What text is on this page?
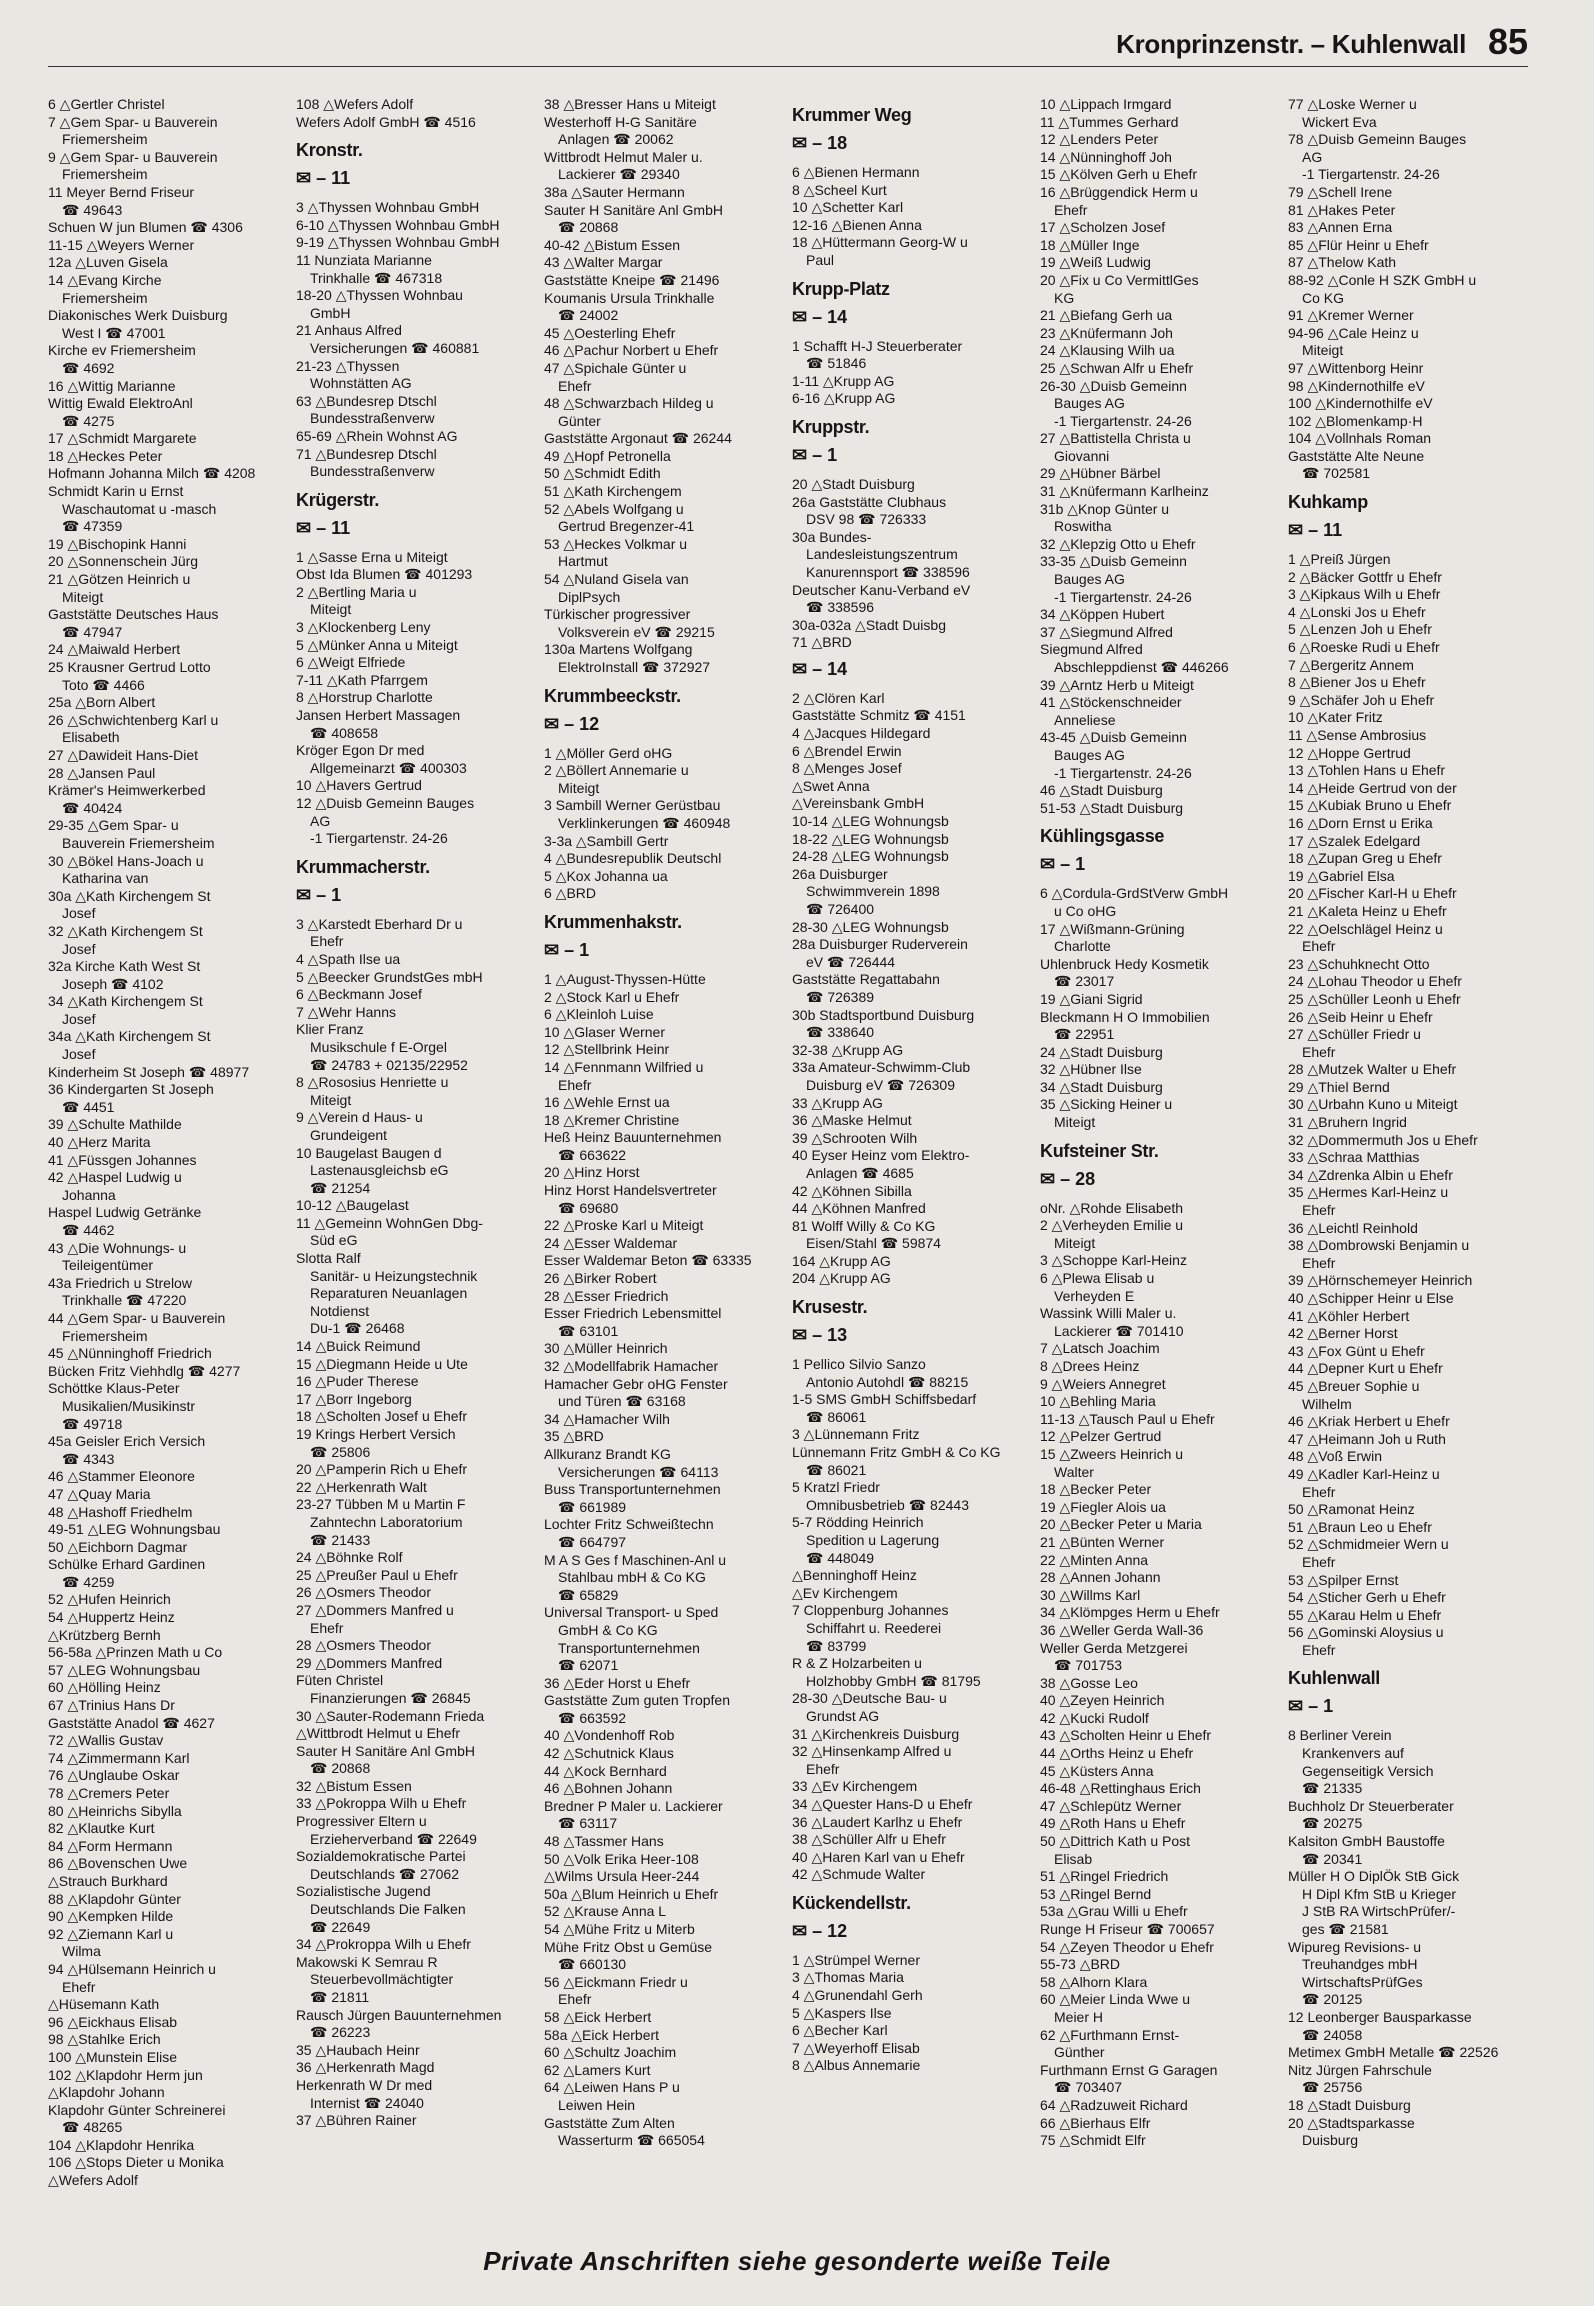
Kronprinzenstr. – Kuhlenwall 85
6 △Gertler Christel
7 △Gem Spar- u Bauverein
Friemersheim
9 △Gem Spar- u Bauverein
Friemersheim
11 Meyer Bernd Friseur
☎ 49643
Schuen W jun Blumen ☎ 4306
11-15 △Weyers Werner
12a △Luven Gisela
14 △Evang Kirche
Friemersheim
Diakonisches Werk Duisburg
West I ☎ 47001
Kirche ev Friemersheim
☎ 4692
16 △Wittig Marianne
Wittig Ewald ElektroAnl
☎ 4275
17 △Schmidt Margarete
18 △Heckes Peter
Hofmann Johanna Milch ☎ 4208
Schmidt Karin u Ernst
Waschautomat u -masch
☎ 47359
19 △Bischopink Hanni
20 △Sonnenschein Jürg
21 △Götzen Heinrich u
Miteigt
Gaststätte Deutsches Haus
☎ 47947
24 △Maiwald Herbert
25 Krausner Gertrud Lotto
Toto ☎ 4466
25a △Born Albert
26 △Schwichtenberg Karl u
Elisabeth
27 △Dawideit Hans-Diet
28 △Jansen Paul
Krämer's Heimwerkerbed
☎ 40424
29-35 △Gem Spar- u
Bauverein Friemersheim
30 △Bökel Hans-Joach u
Katharina van
30a △Kath Kirchengem St
Josef
32 △Kath Kirchengem St
Josef
32a Kirche Kath West St
Joseph ☎ 4102
34 △Kath Kirchengem St
Josef
34a △Kath Kirchengem St
Josef
Kinderheim St Joseph ☎ 48977
36 Kindergarten St Joseph
☎ 4451
39 △Schulte Mathilde
40 △Herz Marita
41 △Füssgen Johannes
42 △Haspel Ludwig u
Johanna
Haspel Ludwig Getränke
☎ 4462
43 △Die Wohnungs- u
Teileigentümer
43a Friedrich u Strelow
Trinkhalle ☎ 47220
44 △Gem Spar- u Bauverein
Friemersheim
45 △Nünninghoff Friedrich
Bücken Fritz Viehhdlg ☎ 4277
Schöttke Klaus-Peter
Musikalien/Musikinstr
☎ 49718
45a Geisler Erich Versich
☎ 4343
46 △Stammer Eleonore
47 △Quay Maria
48 △Hashoff Friedhelm
49-51 △LEG Wohnungsbau
50 △Eichborn Dagmar
Schülke Erhard Gardinen
☎ 4259
52 △Hufen Heinrich
54 △Huppertz Heinz
△Krützberg Bernh
56-58a △Prinzen Math u Co
57 △LEG Wohnungsbau
60 △Hölling Heinz
67 △Trinius Hans Dr
Gaststätte Anadol ☎ 4627
72 △Wallis Gustav
74 △Zimmermann Karl
76 △Unglaube Oskar
78 △Cremers Peter
80 △Heinrichs Sibylla
82 △Klautke Kurt
84 △Form Hermann
86 △Bovenschen Uwe
△Strauch Burkhard
88 △Klapdohr Günter
90 △Kempken Hilde
92 △Ziemann Karl u
Wilma
94 △Hülsemann Heinrich u
Ehefr
△Hüsemann Kath
96 △Eickhaus Elisab
98 △Stahlke Erich
100 △Munstein Elise
102 △Klapdohr Herm jun
△Klapdohr Johann
Klapdohr Günter Schreinerei
☎ 48265
104 △Klapdohr Henrika
106 △Stops Dieter u Monika
△Wefers Adolf
108 △Wefers Adolf
Wefers Adolf GmbH ☎ 4516
Kronstr.
✉ – 11
3 △Thyssen Wohnbau GmbH
6-10 △Thyssen Wohnbau GmbH
9-19 △Thyssen Wohnbau GmbH
11 Nunziata Marianne
Trinkhalle ☎ 467318
18-20 △Thyssen Wohnbau
GmbH
21 Anhaus Alfred
Versicherungen ☎ 460881
21-23 △Thyssen
Wohnstätten AG
63 △Bundesrep Dtschl
Bundesstraßenverw
65-69 △Rhein Wohnst AG
71 △Bundesrep Dtschl
Bundesstraßenverw
Krügerstr.
✉ – 11
1 △Sasse Erna u Miteigt
Obst Ida Blumen ☎ 401293
2 △Bertling Maria u
Miteigt
3 △Klockenberg Leny
5 △Münker Anna u Miteigt
6 △Weigt Elfriede
7-11 △Kath Pfarrgem
8 △Horstrup Charlotte
Jansen Herbert Massagen
☎ 408658
Kröger Egon Dr med
Allgemeinarzt ☎ 400303
10 △Havers Gertrud
12 △Duisb Gemeinn Bauges
AG
-1 Tiergartenstr. 24-26
Krummacherstr.
✉ – 1
3 △Karstedt Eberhard Dr u
Ehefr
4 △Spath Ilse ua
5 △Beecker GrundstGes mbH
6 △Beckmann Josef
7 △Wehr Hanns
Klier Franz
Musikschule f E-Orgel
☎ 24783 + 02135/22952
8 △Rososius Henriette u
Miteigt
9 △Verein d Haus- u
Grundeigent
10 Baugelast Baugen d
Lastenausgleichsb eG
☎ 21254
10-12 △Baugelast
11 △Gemeinn WohnGen Dbg-
Süd eG
Slotta Ralf
Sanitär- u Heizungstechnik
Reparaturen Neuanlagen
Notdienst
Du-1 ☎ 26468
14 △Buick Reimund
15 △Diegmann Heide u Ute
16 △Puder Therese
17 △Borr Ingeborg
18 △Scholten Josef u Ehefr
19 Krings Herbert Versich
☎ 25806
20 △Pamperin Rich u Ehefr
22 △Herkenrath Walt
23-27 Tübben M u Martin F
Zahntechn Laboratorium
☎ 21433
24 △Böhnke Rolf
25 △Preußer Paul u Ehefr
26 △Osmers Theodor
27 △Dommers Manfred u
Ehefr
28 △Osmers Theodor
29 △Dommers Manfred
Füten Christel
Finanzierungen ☎ 26845
30 △Sauter-Rodemann Frieda
△Wittbrodt Helmut u Ehefr
Sauter H Sanitäre Anl GmbH
☎ 20868
32 △Bistum Essen
33 △Pokroppa Wilh u Ehefr
Progressiver Eltern u
Erzieherverband ☎ 22649
Sozialdemokratische Partei
Deutschlands ☎ 27062
Sozialistische Jugend
Deutschlands Die Falken
☎ 22649
34 △Prokroppa Wilh u Ehefr
Makowski K Semrau R
Steuerbevollmächtigter
☎ 21811
Rausch Jürgen Bauunternehmen
☎ 26223
35 △Haubach Heinr
36 △Herkenrath Magd
Herkenrath W Dr med
Internist ☎ 24040
37 △Bühren Rainer
38 △Bresser Hans u Miteigt
Westerhoff H-G Sanitäre
Anlagen ☎ 20062
Wittbrodt Helmut Maler u.
Lackierer ☎ 29340
38a △Sauter Hermann
Sauter H Sanitäre Anl GmbH
☎ 20868
40-42 △Bistum Essen
43 △Walter Margar
Gaststätte Kneipe ☎ 21496
Koumanis Ursula Trinkhalle
☎ 24002
45 △Oesterling Ehefr
46 △Pachur Norbert u Ehefr
47 △Spichale Günter u
Ehefr
48 △Schwarzbach Hildeg u
Günter
Gaststätte Argonaut ☎ 26244
49 △Hopf Petronella
50 △Schmidt Edith
51 △Kath Kirchengem
52 △Abels Wolfgang u
Gertrud Bregenzer-41
53 △Heckes Volkmar u
Hartmut
54 △Nuland Gisela van
DiplPsych
Türkischer progressiver
Volksverein eV ☎ 29215
130a Martens Wolfgang
ElektroInstall ☎ 372927
Krummbeeckstr.
✉ – 12
1 △Möller Gerd oHG
2 △Böllert Annemarie u
Miteigt
3 Sambill Werner Gerüstbau
Verklinkerungen ☎ 460948
3-3a △Sambill Gertr
4 △Bundesrepublik Deutschl
5 △Kox Johanna ua
6 △BRD
Krummenhakstr.
✉ – 1
1 △August-Thyssen-Hütte
2 △Stock Karl u Ehefr
6 △Kleinloh Luise
10 △Glaser Werner
12 △Stellbrink Heinr
14 △Fennmann Wilfried u
Ehefr
16 △Wehle Ernst ua
18 △Kremer Christine
Heß Heinz Bauunternehmen
☎ 663622
20 △Hinz Horst
Hinz Horst Handelsvertreter
☎ 69680
22 △Proske Karl u Miteigt
24 △Esser Waldemar
Esser Waldemar Beton ☎ 63335
26 △Birker Robert
28 △Esser Friedrich
Esser Friedrich Lebensmittel
☎ 63101
30 △Müller Heinrich
32 △Modellfabrik Hamacher
Hamacher Gebr oHG Fenster
und Türen ☎ 63168
34 △Hamacher Wilh
35 △BRD
Allkuranz Brandt KG
Versicherungen ☎ 64113
Buss Transportunternehmen
☎ 661989
Lochter Fritz Schweißtechn
☎ 664797
M A S Ges f Maschinen-Anl u
Stahlbau mbH & Co KG
☎ 65829
Universal Transport- u Sped
GmbH & Co KG
Transportunternehmen
☎ 62071
36 △Eder Horst u Ehefr
Gaststätte Zum guten Tropfen
☎ 663592
40 △Vondenhoff Rob
42 △Schutnick Klaus
44 △Kock Bernhard
46 △Bohnen Johann
Bredner P Maler u. Lackierer
☎ 63117
48 △Tassmer Hans
50 △Volk Erika Heer-108
△Wilms Ursula Heer-244
50a △Blum Heinrich u Ehefr
52 △Krause Anna L
54 △Mühe Fritz u Miterb
Mühe Fritz Obst u Gemüse
☎ 660130
56 △Eickmann Friedr u
Ehefr
58 △Eick Herbert
58a △Eick Herbert
60 △Schultz Joachim
62 △Lamers Kurt
64 △Leiwen Hans P u
Leiwen Hein
Gaststätte Zum Alten
Wasserturm ☎ 665054
Krummer Weg
✉ – 18
6 △Bienen Hermann
8 △Scheel Kurt
10 △Schetter Karl
12-16 △Bienen Anna
18 △Hüttermann Georg-W u
Paul
Krupp-Platz
✉ – 14
1 Schafft H-J Steuerberater
☎ 51846
1-11 △Krupp AG
6-16 △Krupp AG
Kruppstr.
✉ – 1
20 △Stadt Duisburg
26a Gaststätte Clubhaus
DSV 98 ☎ 726333
30a Bundes-
Landesleistungszentrum
Kanurennsport ☎ 338596
Deutscher Kanu-Verband eV
☎ 338596
30a-032a △Stadt Duisbg
71 △BRD
✉ – 14
2 △Clören Karl
Gaststätte Schmitz ☎ 4151
4 △Jacques Hildegard
6 △Brendel Erwin
8 △Menges Josef
△Swet Anna
△Vereinsbank GmbH
10-14 △LEG Wohnungsb
18-22 △LEG Wohnungsb
24-28 △LEG Wohnungsb
26a Duisburger
Schwimmverein 1898
☎ 726400
28-30 △LEG Wohnungsb
28a Duisburger Ruderverein
eV ☎ 726444
Gaststätte Regattabahn
☎ 726389
30b Stadtsportbund Duisburg
☎ 338640
32-38 △Krupp AG
33a Amateur-Schwimm-Club
Duisburg eV ☎ 726309
33 △Krupp AG
36 △Maske Helmut
39 △Schrooten Wilh
40 Eyser Heinz vom Elektro-
Anlagen ☎ 4685
42 △Köhnen Sibilla
44 △Köhnen Manfred
81 Wolff Willy & Co KG
Eisen/Stahl ☎ 59874
164 △Krupp AG
204 △Krupp AG
Krusestr.
✉ – 13
1 Pellico Silvio Sanzo
Antonio Autohdl ☎ 88215
1-5 SMS GmbH Schiffsbedarf
☎ 86061
3 △Lünnemann Fritz
Lünnemann Fritz GmbH & Co KG
☎ 86021
5 Kratzl Friedr
Omnibusbetrieb ☎ 82443
5-7 Rödding Heinrich
Spedition u Lagerung
☎ 448049
△Benninghoff Heinz
△Ev Kirchengem
7 Cloppenburg Johannes
Schiffahrt u. Reederei
☎ 83799
R & Z Holzarbeiten u
Holzhobby GmbH ☎ 81795
28-30 △Deutsche Bau- u
Grundst AG
31 △Kirchenkreis Duisburg
32 △Hinsenkamp Alfred u
Ehefr
33 △Ev Kirchengem
34 △Quester Hans-D u Ehefr
36 △Laudert Karlhz u Ehefr
38 △Schüller Alfr u Ehefr
40 △Haren Karl van u Ehefr
42 △Schmude Walter
Kückendellstr.
✉ – 12
1 △Strümpel Werner
3 △Thomas Maria
4 △Grunendahl Gerh
5 △Kaspers Ilse
6 △Becher Karl
7 △Weyerhoff Elisab
8 △Albus Annemarie
10 △Lippach Irmgard
11 △Tummes Gerhard
12 △Lenders Peter
14 △Nünninghoff Joh
15 △Kölven Gerh u Ehefr
16 △Brüggendick Herm u
Ehefr
17 △Scholzen Josef
18 △Müller Inge
19 △Weiß Ludwig
20 △Fix u Co VermittlGes
KG
21 △Biefang Gerh ua
23 △Knüfermann Joh
24 △Klausing Wilh ua
25 △Schwan Alfr u Ehefr
26-30 △Duisb Gemeinn
Bauges AG
-1 Tiergartenstr. 24-26
27 △Battistella Christa u
Giovanni
29 △Hübner Bärbel
31 △Knüfermann Karlheinz
31b △Knop Günter u
Roswitha
32 △Klepzig Otto u Ehefr
33-35 △Duisb Gemeinn
Bauges AG
-1 Tiergartenstr. 24-26
34 △Köppen Hubert
37 △Siegmund Alfred
Siegmund Alfred
Abschleppdienst ☎ 446266
39 △Arntz Herb u Miteigt
41 △Stöckenschneider
Anneliese
43-45 △Duisb Gemeinn
Bauges AG
-1 Tiergartenstr. 24-26
46 △Stadt Duisburg
51-53 △Stadt Duisburg
Kühlingsgasse
✉ – 1
6 △Cordula-GrdStVerw GmbH
u Co oHG
17 △Wißmann-Grüning
Charlotte
Uhlenbruck Hedy Kosmetik
☎ 23017
19 △Giani Sigrid
Bleckmann H O Immobilien
☎ 22951
24 △Stadt Duisburg
32 △Hübner Ilse
34 △Stadt Duisburg
35 △Sicking Heiner u
Miteigt
Kufsteiner Str.
✉ – 28
oNr. △Rohde Elisabeth
2 △Verheyden Emilie u
Miteigt
3 △Schoppe Karl-Heinz
6 △Plewa Elisab u
Verheyden E
Wassink Willi Maler u.
Lackierer ☎ 701410
7 △Latsch Joachim
8 △Drees Heinz
9 △Weiers Annegret
10 △Behling Maria
11-13 △Tausch Paul u Ehefr
12 △Pelzer Gertrud
15 △Zweers Heinrich u
Walter
18 △Becker Peter
19 △Fiegler Alois ua
20 △Becker Peter u Maria
21 △Bünten Werner
22 △Minten Anna
28 △Annen Johann
30 △Willms Karl
34 △Klömpges Herm u Ehefr
36 △Weller Gerda Wall-36
Weller Gerda Metzgerei
☎ 701753
38 △Gosse Leo
40 △Zeyen Heinrich
42 △Kucki Rudolf
43 △Scholten Heinr u Ehefr
44 △Orths Heinz u Ehefr
45 △Küsters Anna
46-48 △Rettinghaus Erich
47 △Schlepütz Werner
49 △Roth Hans u Ehefr
50 △Dittrich Kath u Post
Elisab
51 △Ringel Friedrich
53 △Ringel Bernd
53a △Grau Willi u Ehefr
Runge H Friseur ☎ 700657
54 △Zeyen Theodor u Ehefr
55-73 △BRD
58 △Alhorn Klara
60 △Meier Linda Wwe u
Meier H
62 △Furthmann Ernst-
Günther
Furthmann Ernst G Garagen
☎ 703407
64 △Radzuweit Richard
66 △Bierhaus Elfr
75 △Schmidt Elfr
77 △Loske Werner u
Wickert Eva
78 △Duisb Gemeinn Bauges
AG
-1 Tiergartenstr. 24-26
79 △Schell Irene
81 △Hakes Peter
83 △Annen Erna
85 △Flür Heinr u Ehefr
87 △Thelow Kath
88-92 △Conle H SZK GmbH u
Co KG
91 △Kremer Werner
94-96 △Cale Heinz u
Miteigt
97 △Wittenborg Heinr
98 △Kindernothilfe eV
100 △Kindernothilfe eV
102 △Blomenkamp·H
104 △Vollnhals Roman
Gaststätte Alte Neune
☎ 702581
Kuhkamp
✉ – 11
1 △Preiß Jürgen
2 △Bäcker Gottfr u Ehefr
3 △Kipkaus Wilh u Ehefr
4 △Lonski Jos u Ehefr
5 △Lenzen Joh u Ehefr
6 △Roeske Rudi u Ehefr
7 △Bergeritz Annem
8 △Biener Jos u Ehefr
9 △Schäfer Joh u Ehefr
10 △Kater Fritz
11 △Sense Ambrosius
12 △Hoppe Gertrud
13 △Tohlen Hans u Ehefr
14 △Heide Gertrud von der
15 △Kubiak Bruno u Ehefr
16 △Dorn Ernst u Erika
17 △Szalek Edelgard
18 △Zupan Greg u Ehefr
19 △Gabriel Elsa
20 △Fischer Karl-H u Ehefr
21 △Kaleta Heinz u Ehefr
22 △Oelschlägel Heinz u
Ehefr
23 △Schuhknecht Otto
24 △Lohau Theodor u Ehefr
25 △Schüller Leonh u Ehefr
26 △Seib Heinr u Ehefr
27 △Schüller Friedr u
Ehefr
28 △Mutzek Walter u Ehefr
29 △Thiel Bernd
30 △Urbahn Kuno u Miteigt
31 △Bruhern Ingrid
32 △Dommermuth Jos u Ehefr
33 △Schraa Matthias
34 △Zdrenka Albin u Ehefr
35 △Hermes Karl-Heinz u
Ehefr
36 △Leichtl Reinhold
38 △Dombrowski Benjamin u
Ehefr
39 △Hörnschemeyer Heinrich
40 △Schipper Heinr u Else
41 △Köhler Herbert
42 △Berner Horst
43 △Fox Günt u Ehefr
44 △Depner Kurt u Ehefr
45 △Breuer Sophie u
Wilhelm
46 △Kriak Herbert u Ehefr
47 △Heimann Joh u Ruth
48 △Voß Erwin
49 △Kadler Karl-Heinz u
Ehefr
50 △Ramonat Heinz
51 △Braun Leo u Ehefr
52 △Schmidmeier Wern u
Ehefr
53 △Spilper Ernst
54 △Sticher Gerh u Ehefr
55 △Karau Helm u Ehefr
56 △Gominski Aloysius u
Ehefr
Kuhlenwall
✉ – 1
8 Berliner Verein
Krankenvers auf
Gegenseitigk Versich
☎ 21335
Buchholz Dr Steuerberater
☎ 20275
Kalsiton GmbH Baustoffe
☎ 20341
Müller H O DiplÖk StB Gick
H Dipl Kfm StB u Krieger
J StB RA WirtschPrüfer/-
ges ☎ 21581
Wipureg Revisions- u
Treuhandges mbH
WirtschaftsPrüfGes
☎ 20125
12 Leonberger Bausparkasse
☎ 24058
Metimex GmbH Metalle ☎ 22526
Nitz Jürgen Fahrschule
☎ 25756
18 △Stadt Duisburg
20 △Stadtsparkasse
Duisburg
Private Anschriften siehe gesonderte weiße Teile
